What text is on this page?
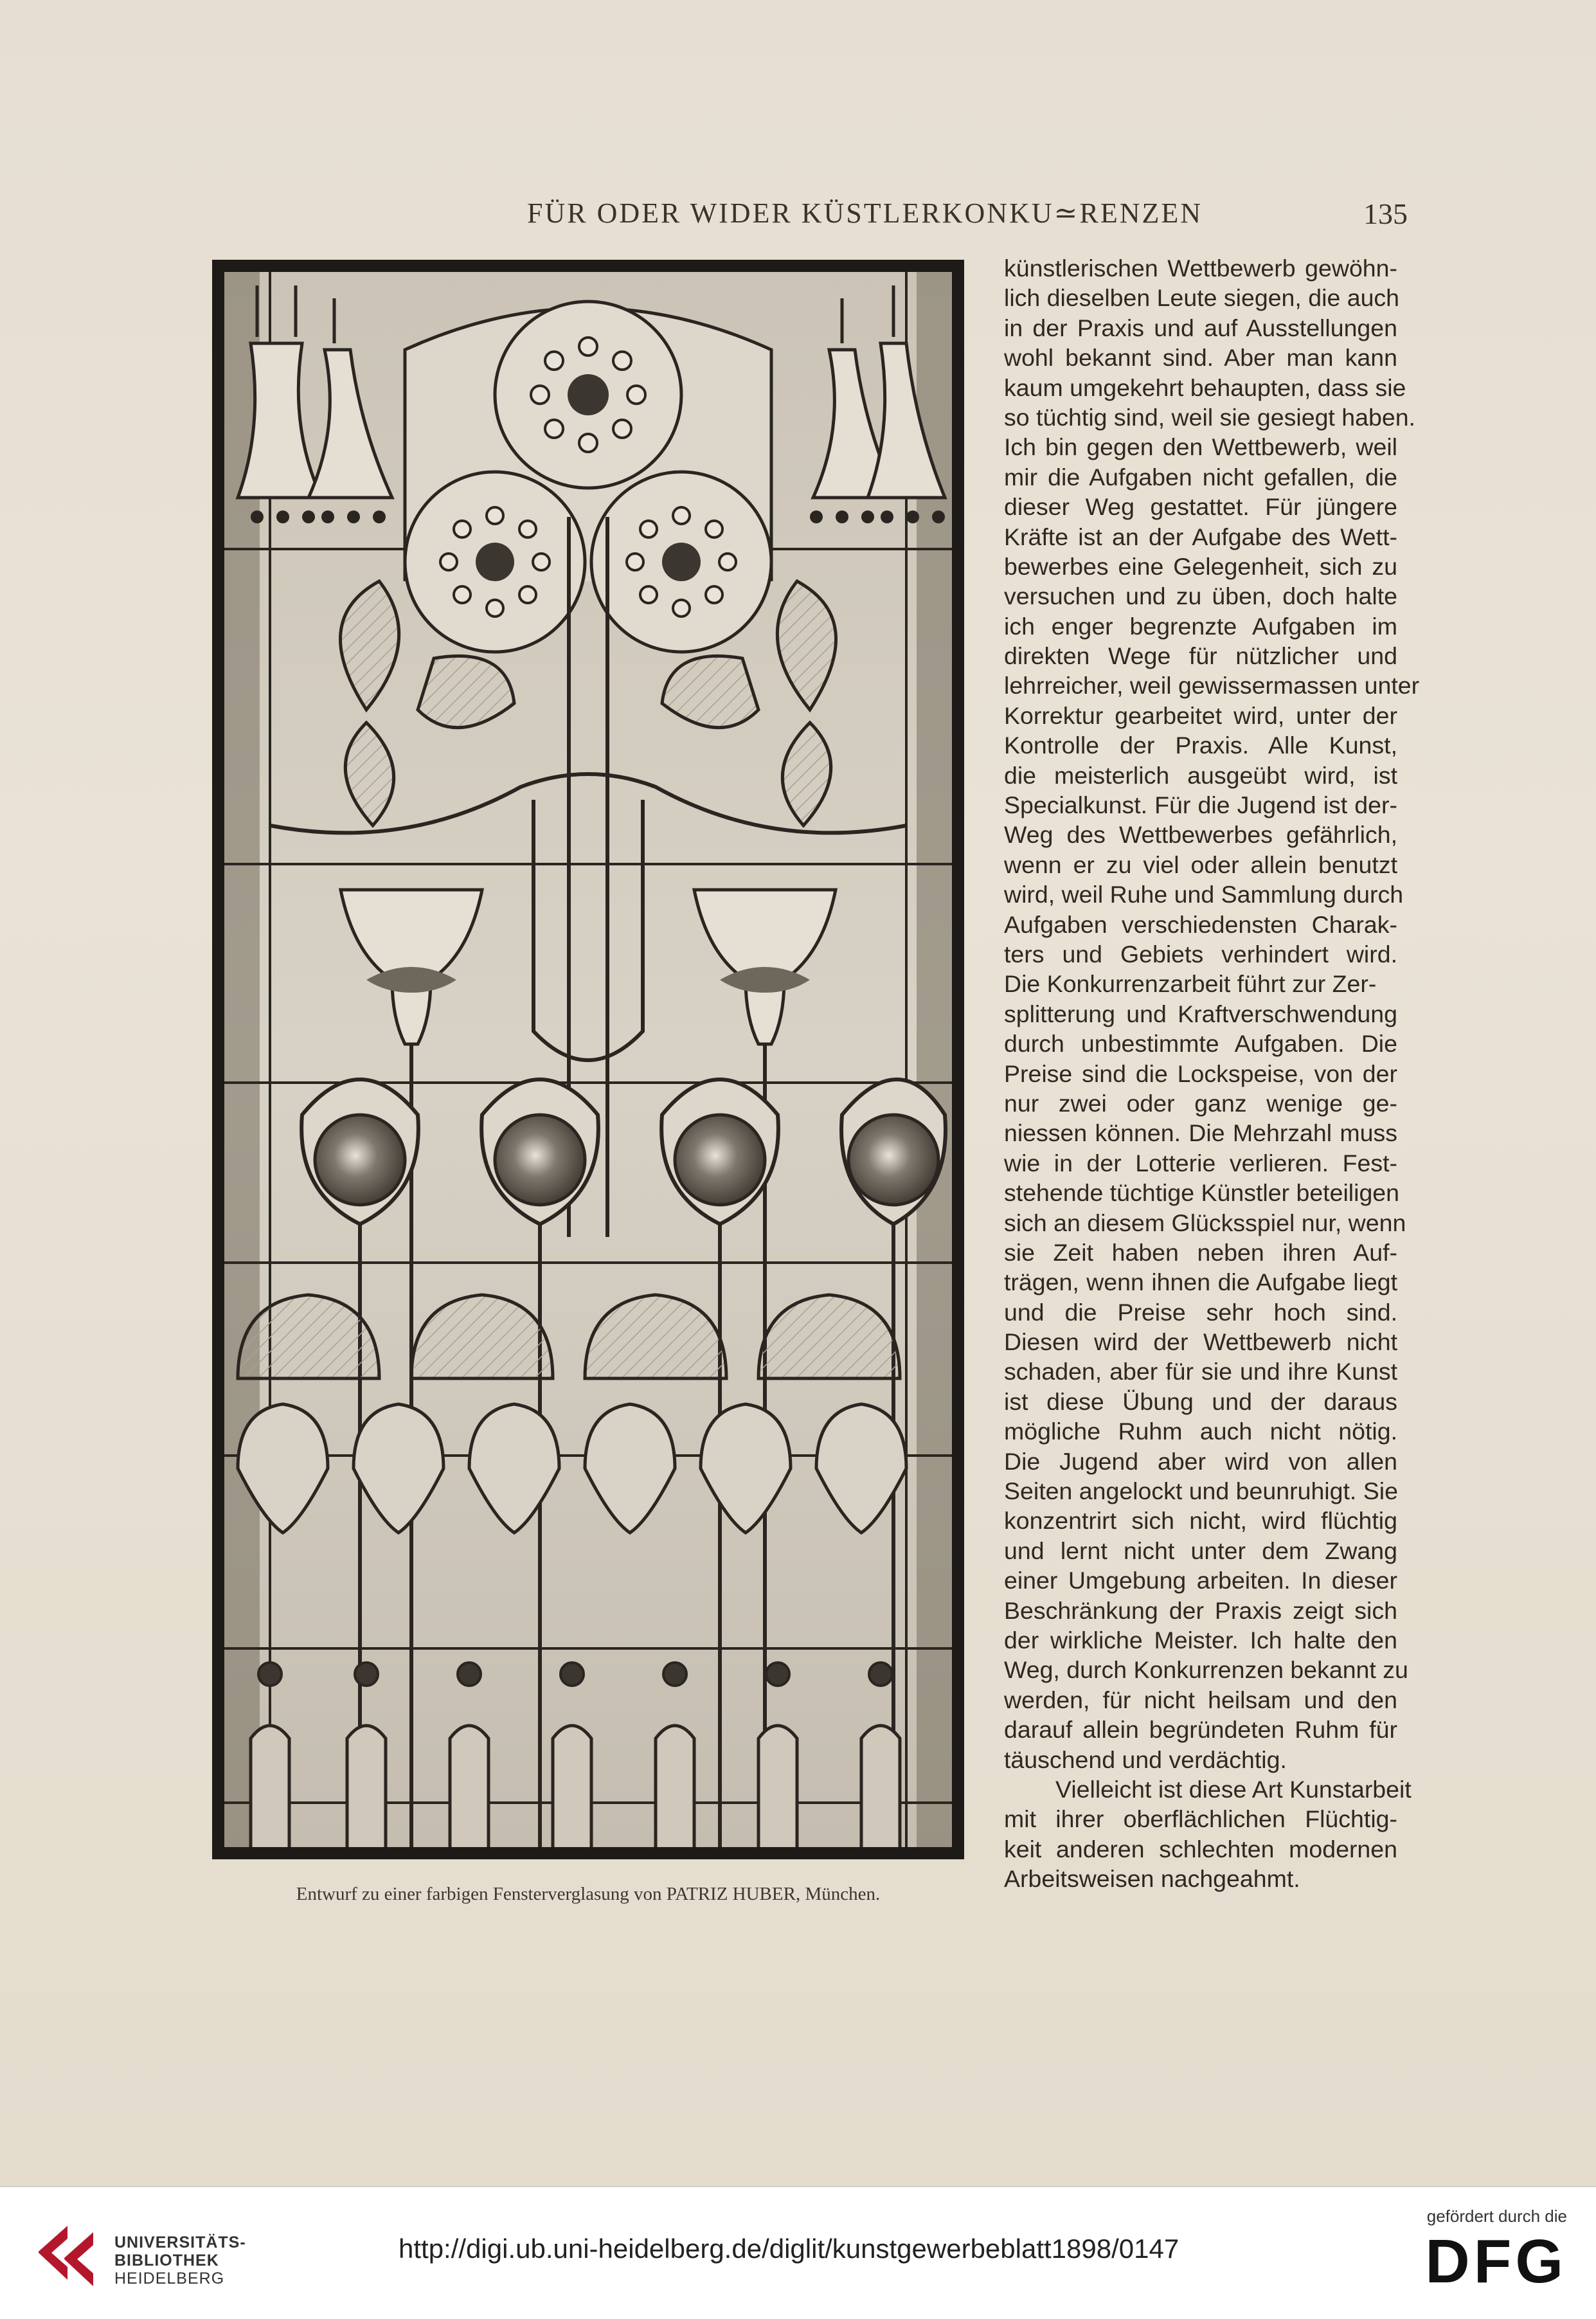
FÜR ODER WIDER KÜSTLERKONKU≃RENZEN	135
Entwurf zu einer farbigen Fensterverglasung von PATRIZ HUBER, München.
künstlerischen Wettbewerb gewöhn-
lich dieselben Leute siegen, die auch
in der Praxis und auf Ausstellungen
wohl bekannt sind. Aber man kann
kaum umgekehrt behaupten, dass sie
so tüchtig sind, weil sie gesiegt haben.
Ich bin gegen den Wettbewerb, weil
mir die Aufgaben nicht gefallen, die
dieser Weg gestattet. Für jüngere
Kräfte ist an der Aufgabe des Wett-
bewerbes eine Gelegenheit, sich zu
versuchen und zu üben, doch halte
ich enger begrenzte Aufgaben im
direkten Wege für nützlicher und
lehrreicher, weil gewissermassen unter
Korrektur gearbeitet wird, unter der
Kontrolle der Praxis. Alle Kunst,
die meisterlich ausgeübt wird, ist
Specialkunst. Für die Jugend ist der-
Weg des Wettbewerbes gefährlich,
wenn er zu viel oder allein benutzt
wird, weil Ruhe und Sammlung durch
Aufgaben verschiedensten Charak-
ters und Gebiets verhindert wird.
Die Konkurrenzarbeit führt zur Zer-
splitterung und Kraftverschwendung
durch unbestimmte Aufgaben. Die
Preise sind die Lockspeise, von der
nur zwei oder ganz wenige ge-
niessen können. Die Mehrzahl muss
wie in der Lotterie verlieren. Fest-
stehende tüchtige Künstler beteiligen
sich an diesem Glücksspiel nur, wenn
sie Zeit haben neben ihren Auf-
trägen, wenn ihnen die Aufgabe liegt
und die Preise sehr hoch sind.
Diesen wird der Wettbewerb nicht
schaden, aber für sie und ihre Kunst
ist diese Übung und der daraus
mögliche Ruhm auch nicht nötig.
Die Jugend aber wird von allen
Seiten angelockt und beunruhigt. Sie
konzentrirt sich nicht, wird flüchtig
und lernt nicht unter dem Zwang
einer Umgebung arbeiten. In dieser
Beschränkung der Praxis zeigt sich
der wirkliche Meister. Ich halte den
Weg, durch Konkurrenzen bekannt zu
werden, für nicht heilsam und den
darauf allein begründeten Ruhm für
täuschend und verdächtig.
Vielleicht ist diese Art Kunstarbeit
mit ihrer oberflächlichen Flüchtig-
keit anderen schlechten modernen
Arbeitsweisen nachgeahmt.
UNIVERSITÄTS-
BIBLIOTHEK
HEIDELBERG
http://digi.ub.uni-heidelberg.de/diglit/kunstgewerbeblatt1898/0147
gefördert durch die
DFG
